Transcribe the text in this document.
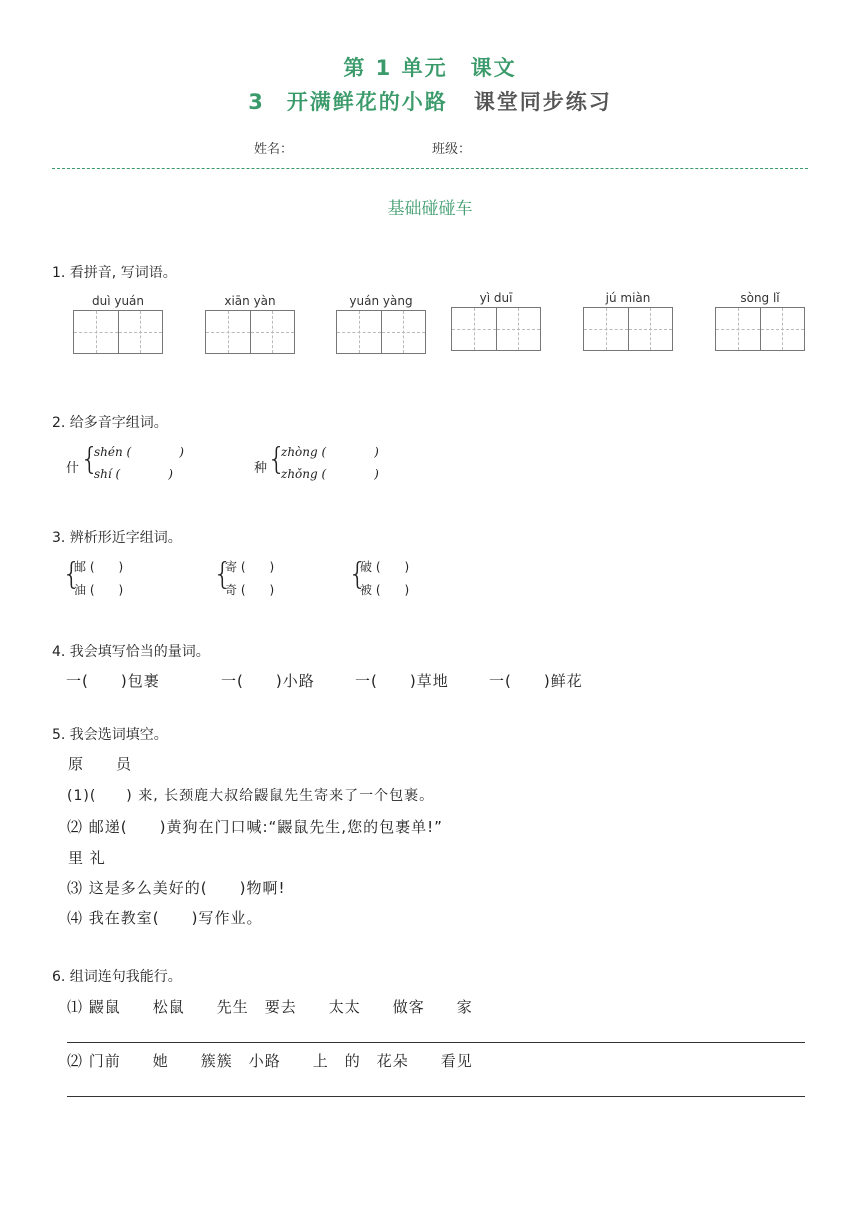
第 1 单元　课文
3 开满鲜花的小路 课堂同步练习
姓名：	班级：
基础碰碰车
1. 看拼音, 写词语。
duì yuán	xiān yàn	yuán yàng	yì duī	jú miàn	sòng lǐ
2. 给多音字组词。
什 {
shén (　　　　)
shí (　　　　)	种 {
zhòng (　　　　)
zhǒng (　　　　)
3. 辨析形近字组词。
{
邮 (　　)
油 (　　)	{
寄 (　　)
奇 (　　) {
破 (　　)
被 (　　)
4. 我会填写恰当的量词。
一(　　)包裹	一(　　)小路	一(　　)草地	一(　　)鲜花
5. 我会选词填空。
原　　员
(1)(　　) 来, 长颈鹿大叔给鼹鼠先生寄来了一个包裹。
⑵ 邮递(　　)黄狗在门口喊:“鼹鼠先生,您的包裹单!”
里 礼
⑶ 这是多么美好的(　　)物啊!
⑷ 我在教室(　　)写作业。
6. 组词连句我能行。
⑴ 鼹鼠　　松鼠　　先生　要去　　太太　　做客　　家
⑵ 门前　　她　　簇簇　小路　　上　的　花朵　　看见
